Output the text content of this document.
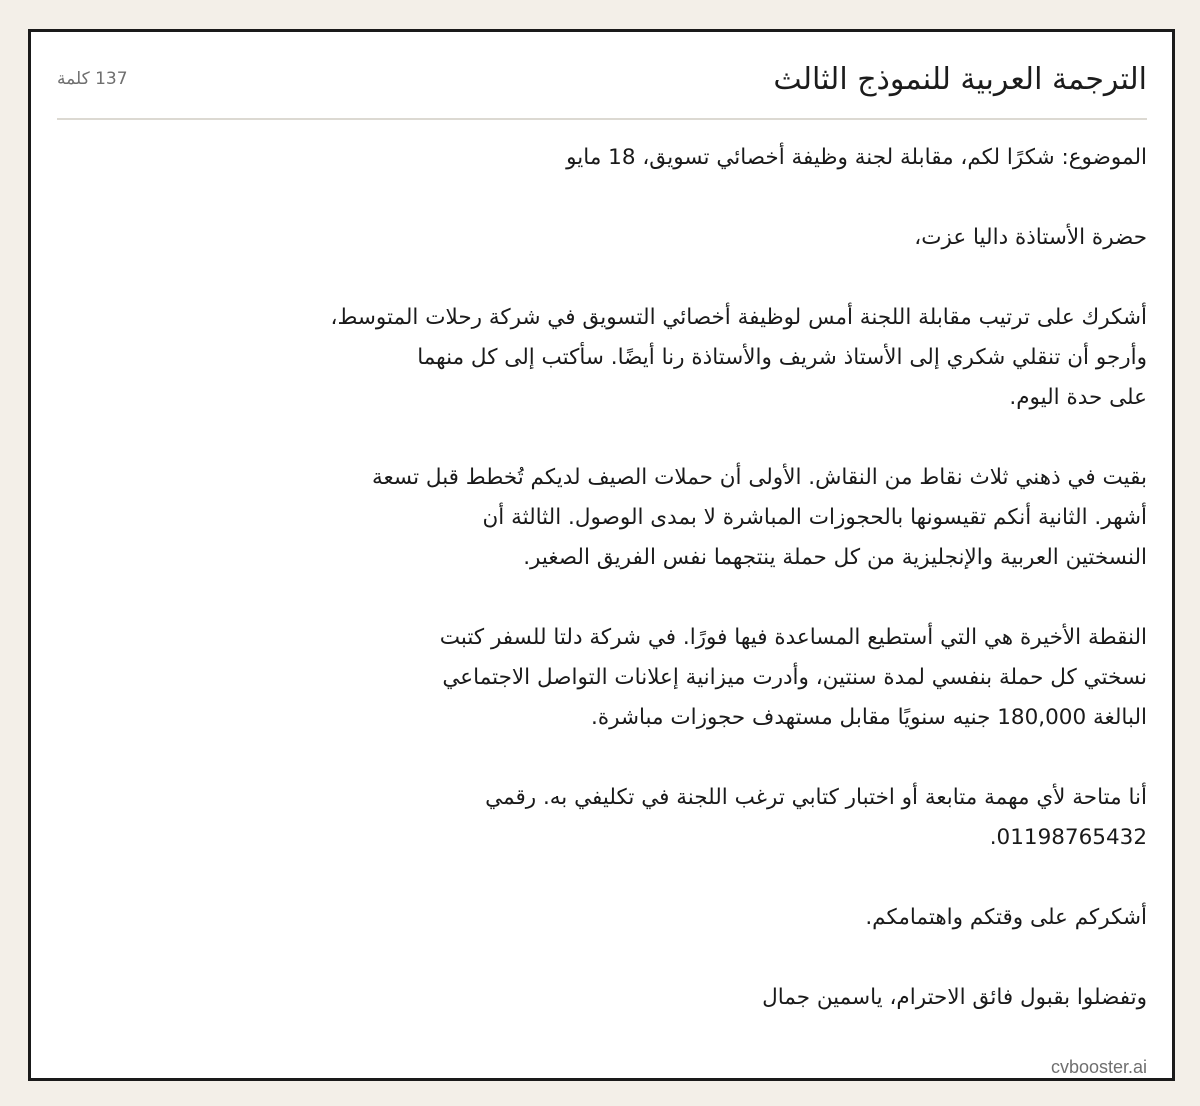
الترجمة العربية للنموذج الثالث
137 كلمة

الموضوع: شكرًا لكم، مقابلة لجنة وظيفة أخصائي تسويق، 18 مايو

حضرة الأستاذة داليا عزت،

أشكرك على ترتيب مقابلة اللجنة أمس لوظيفة أخصائي التسويق في شركة رحلات المتوسط،
وأرجو أن تنقلي شكري إلى الأستاذ شريف والأستاذة رنا أيضًا. سأكتب إلى كل منهما
على حدة اليوم.

بقيت في ذهني ثلاث نقاط من النقاش. الأولى أن حملات الصيف لديكم تُخطط قبل تسعة
أشهر. الثانية أنكم تقيسونها بالحجوزات المباشرة لا بمدى الوصول. الثالثة أن
النسختين العربية والإنجليزية من كل حملة ينتجهما نفس الفريق الصغير.

النقطة الأخيرة هي التي أستطيع المساعدة فيها فورًا. في شركة دلتا للسفر كتبت
نسختي كل حملة بنفسي لمدة سنتين، وأدرت ميزانية إعلانات التواصل الاجتماعي
البالغة 180,000 جنيه سنويًا مقابل مستهدف حجوزات مباشرة.

أنا متاحة لأي مهمة متابعة أو اختبار كتابي ترغب اللجنة في تكليفي به. رقمي
01198765432.

أشكركم على وقتكم واهتمامكم.

وتفضلوا بقبول فائق الاحترام، ياسمين جمال

cvbooster.ai
